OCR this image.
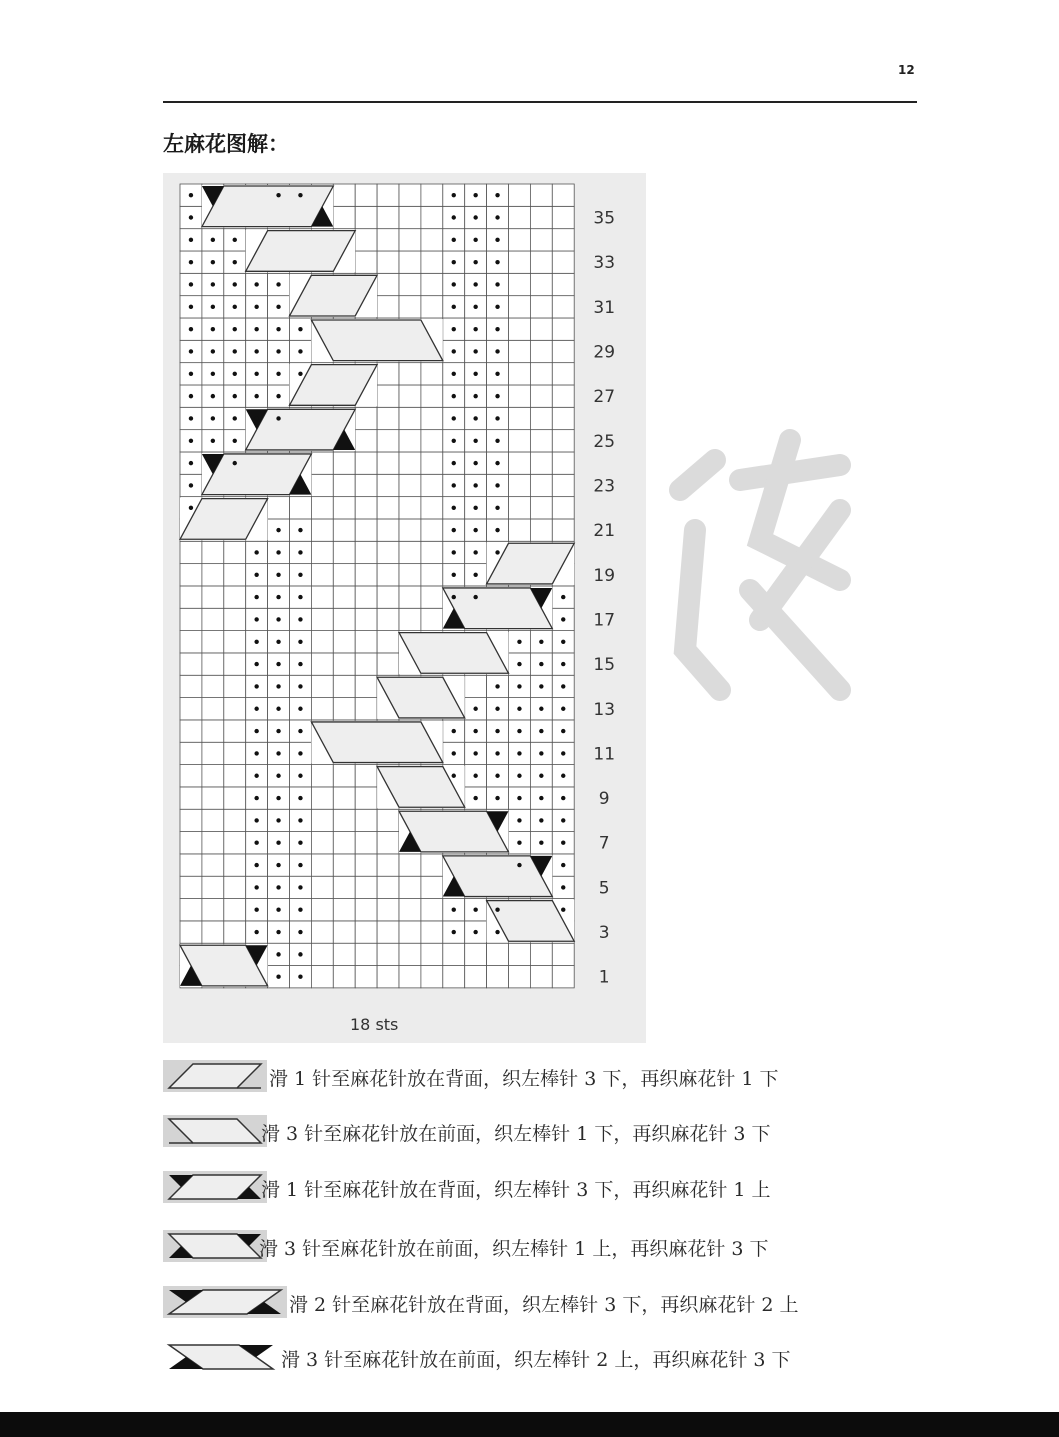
12
左麻花图解：
35
33
31
29
27
25
23
21
19
17
15
13
11
9
7
5
3
1
18 sts
滑 1 针至麻花针放在背面，织左棒针 3 下，再织麻花针 1 下
滑 3 针至麻花针放在前面，织左棒针 1 下，再织麻花针 3 下
滑 1 针至麻花针放在背面，织左棒针 3 下，再织麻花针 1 上
滑 3 针至麻花针放在前面，织左棒针 1 上，再织麻花针 3 下
滑 2 针至麻花针放在背面，织左棒针 3 下，再织麻花针 2 上
滑 3 针至麻花针放在前面，织左棒针 2 上，再织麻花针 3 下
